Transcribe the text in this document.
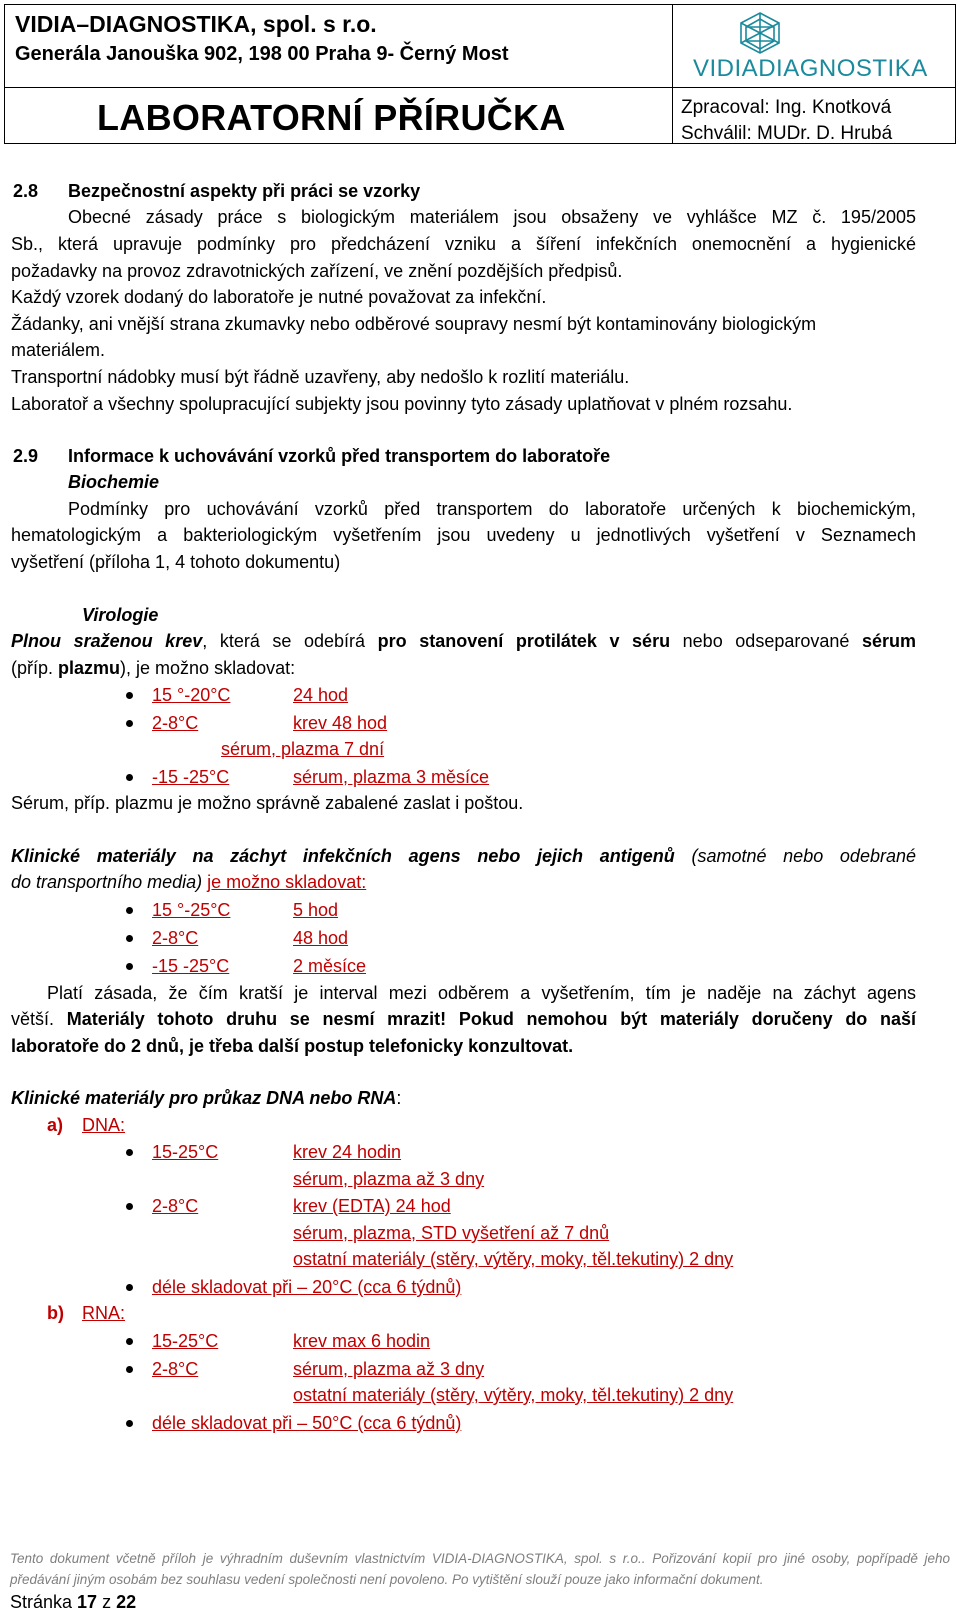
VIDIA–DIAGNOSTIKA, spol. s r.o.
Generála Janouška 902, 198 00 Praha 9- Černý Most
LABORATORNÍ PŘÍRUČKA
VIDIADIAGNOSTIKA
Zpracoval: Ing. Knotková
Schválil: MUDr. D. Hrubá
2.8 Bezpečnostní aspekty při práci se vzorky
Obecné zásady práce s biologickým materiálem jsou obsaženy ve vyhlášce MZ č. 195/2005
Sb., která upravuje podmínky pro předcházení vzniku a šíření infekčních onemocnění a hygienické
požadavky na provoz zdravotnických zařízení, ve znění pozdějších předpisů.
Každý vzorek dodaný do laboratoře je nutné považovat za infekční.
Žádanky, ani vnější strana zkumavky nebo odběrové soupravy nesmí být kontaminovány biologickým
materiálem.
Transportní nádobky musí být řádně uzavřeny, aby nedošlo k rozlití materiálu.
Laboratoř a všechny spolupracující subjekty jsou povinny tyto zásady uplatňovat v plném rozsahu.
2.9 Informace k uchovávání vzorků před transportem do laboratoře
Biochemie
Podmínky pro uchovávání vzorků před transportem do laboratoře určených k biochemickým,
hematologickým a bakteriologickým vyšetřením jsou uvedeny u jednotlivých vyšetření v Seznamech
vyšetření (příloha 1, 4 tohoto dokumentu)
Virologie
Plnou sraženou krev, která se odebírá pro stanovení protilátek v séru nebo odseparované sérum
(příp. plazmu), je možno skladovat:
15 °-20°C	24 hod
2-8°C	krev 48 hod
sérum, plazma 7 dní
-15 -25°C	sérum, plazma 3 měsíce
Sérum, příp. plazmu je možno správně zabalené zaslat i poštou.
Klinické materiály na záchyt infekčních agens nebo jejich antigenů (samotné nebo odebrané
do transportního media) je možno skladovat:
15 °-25°C	5 hod
2-8°C	48 hod
-15 -25°C	2 měsíce
Platí zásada, že čím kratší je interval mezi odběrem a vyšetřením, tím je naděje na záchyt agens
větší. Materiály tohoto druhu se nesmí mrazit! Pokud nemohou být materiály doručeny do naší
laboratoře do 2 dnů, je třeba další postup telefonicky konzultovat.
Klinické materiály pro průkaz DNA nebo RNA:
a) DNA:
15-25°C	krev 24 hodin
sérum, plazma až 3 dny
2-8°C	krev (EDTA) 24 hod
sérum, plazma, STD vyšetření až 7 dnů
ostatní materiály (stěry, výtěry, moky, těl.tekutiny) 2 dny
déle skladovat při – 20°C (cca 6 týdnů)
b) RNA:
15-25°C	krev max 6 hodin
2-8°C	sérum, plazma až 3 dny
ostatní materiály (stěry, výtěry, moky, těl.tekutiny) 2 dny
déle skladovat při – 50°C (cca 6 týdnů)
Tento dokument včetně příloh je výhradním duševním vlastnictvím VIDIA-DIAGNOSTIKA, spol. s r.o.. Pořizování kopií pro jiné osoby, popřípadě jeho předávání jiným osobám bez souhlasu vedení společnosti není povoleno. Po vytištění slouží pouze jako informační dokument.
Stránka 17 z 22
